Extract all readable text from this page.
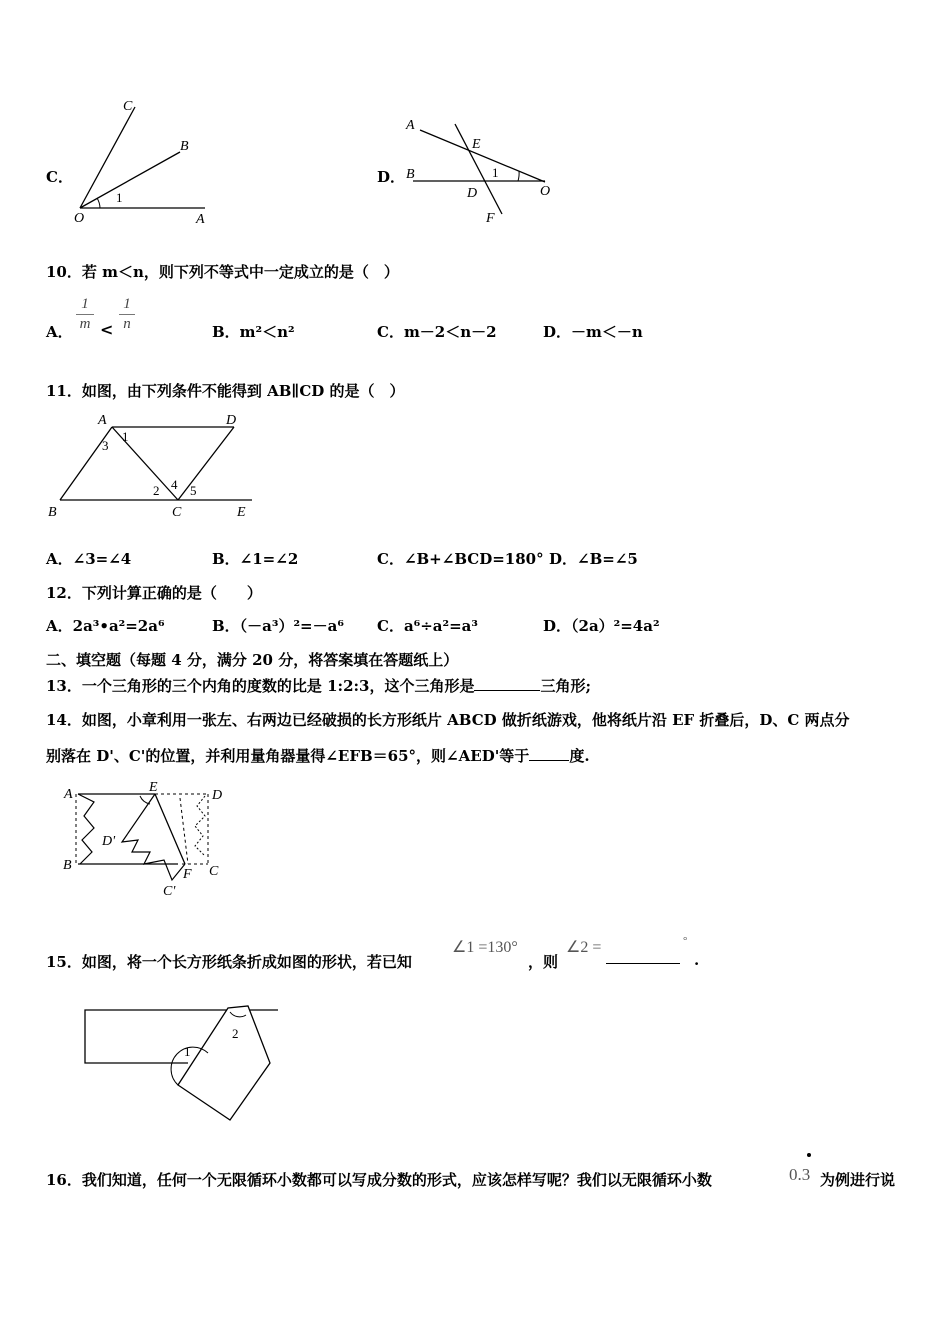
C．
C
B
O	A
1
D．
A
E
B
D
1
O
F
10．若 m＜n，则下列不等式中一定成立的是（　）
A．
1
m <
1
n	B．m²＜n²	C．m－2＜n－2	D．－m＜－n
11．如图，由下列条件不能得到 AB∥CD 的是（　）
A	D
1
3
2 4 5
B	C	E
A．∠3=∠4	B．∠1=∠2	C．∠B+∠BCD=180° D．∠B=∠5
12．下列计算正确的是（　　）
A．2a³•a²=2a⁶	B．（－a³）²=－a⁶ C．a⁶÷a²=a³	D．（2a）²=4a²
二、填空题（每题 4 分，满分 20 分，将答案填在答题纸上）
13．一个三角形的三个内角的度数的比是 1:2:3，这个三角形是	三角形;
14．如图，小章利用一张左、右两边已经破损的长方形纸片 ABCD 做折纸游戏，他将纸片沿 EF 折叠后，D、C 两点分
别落在 D'、C'的位置，并利用量角器量得∠EFB＝65°，则∠AED'等于	度.
A	E
D
D'
B
F C
C'
15．如图，将一个长方形纸条折成如图的形状，若已知
∠1 =130°
，则
∠2 =	°
.
1
2
16．我们知道，任何一个无限循环小数都可以写成分数的形式，应该怎样写呢？我们以无限循环小数	0.3 为例进行说
